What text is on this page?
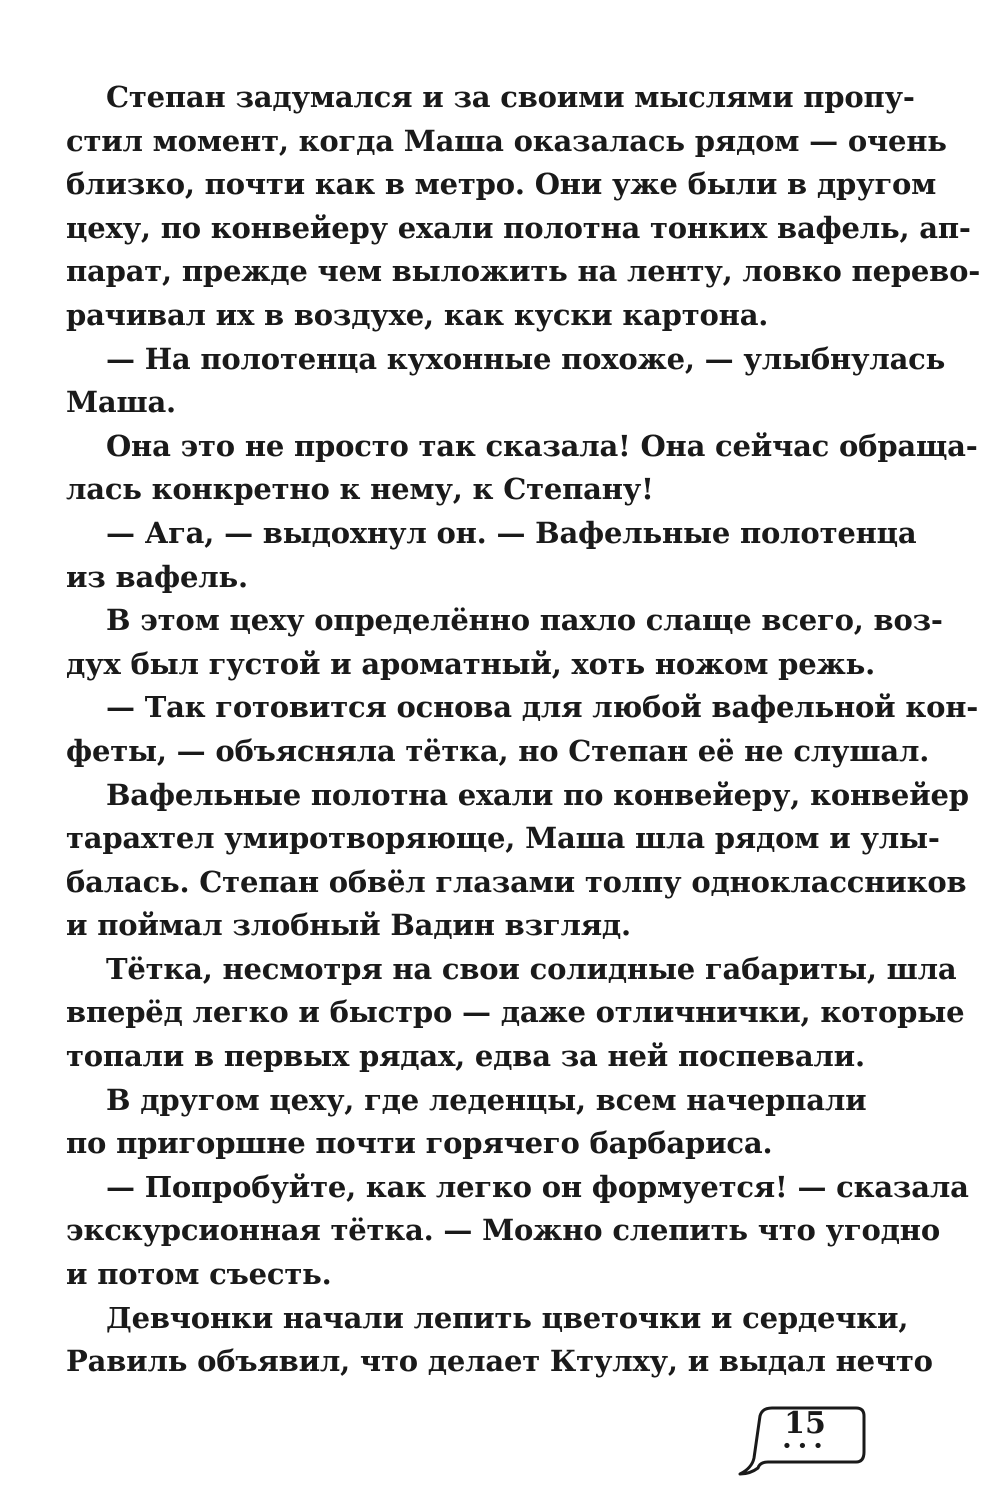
Степан задумался и за своими мыслями пропу-
стил момент, когда Маша оказалась рядом — очень
близко, почти как в метро. Они уже были в другом
цеху, по конвейеру ехали полотна тонких вафель, ап-
парат, прежде чем выложить на ленту, ловко перево-
рачивал их в воздухе, как куски картона.
— На полотенца кухонные похоже, — улыбнулась
Маша.
Она это не просто так сказала! Она сейчас обраща-
лась конкретно к нему, к Степану!
— Ага, — выдохнул он. — Вафельные полотенца
из вафель.
В этом цеху определённо пахло слаще всего, воз-
дух был густой и ароматный, хоть ножом режь.
— Так готовится основа для любой вафельной кон-
феты, — объясняла тётка, но Степан её не слушал.
Вафельные полотна ехали по конвейеру, конвейер
тарахтел умиротворяюще, Маша шла рядом и улы-
балась. Степан обвёл глазами толпу одноклассников
и поймал злобный Вадин взгляд.
Тётка, несмотря на свои солидные габариты, шла
вперёд легко и быстро — даже отличнички, которые
топали в первых рядах, едва за ней поспевали.
В другом цеху, где леденцы, всем начерпали
по пригоршне почти горячего барбариса.
— Попробуйте, как легко он формуется! — сказала
экскурсионная тётка. — Можно слепить что угодно
и потом съесть.
Девчонки начали лепить цветочки и сердечки,
Равиль объявил, что делает Ктулху, и выдал нечто
15
•••
